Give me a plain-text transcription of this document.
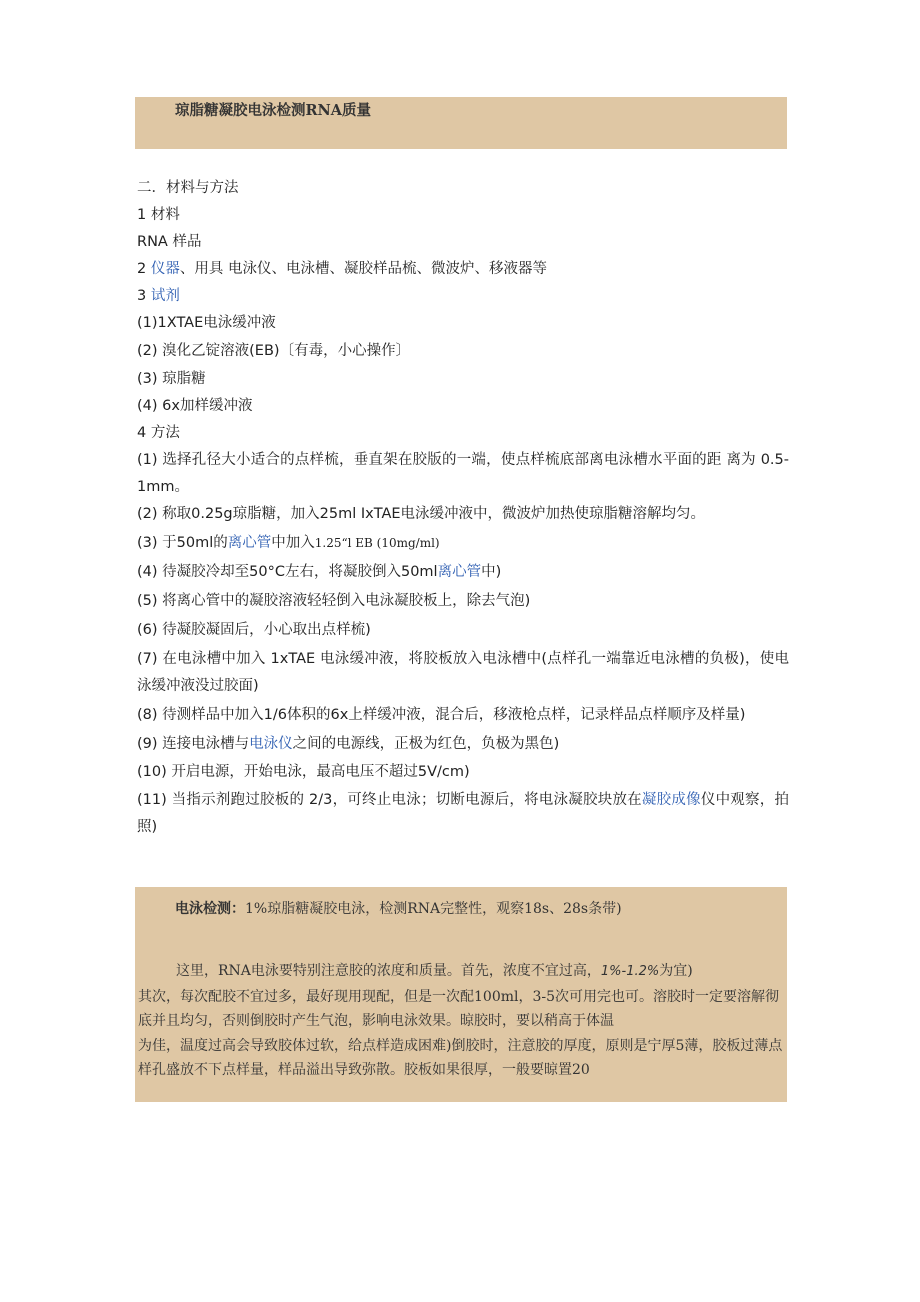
琼脂糖凝胶电泳检测RNA质量
二．材料与方法
1 材料
RNA 样品
2 仪器、用具 电泳仪、电泳槽、凝胶样品梳、微波炉、移液器等
3 试剂
(1)1XTAE电泳缓冲液
(2) 溴化乙锭溶液(EB)〔有毒，小心操作〕
(3) 琼脂糖
(4) 6x加样缓冲液
4 方法
(1) 选择孔径大小适合的点样梳，垂直架在胶版的一端，使点样梳底部离电泳槽水平面的距 离为 0.5-1mm。
(2) 称取0.25g琼脂糖，加入25ml IxTAE电泳缓冲液中，微波炉加热使琼脂糖溶解均匀。
(3) 于50ml的离心管中加入1.25“l EB (10mg/ml)
(4) 待凝胶冷却至50°C左右，将凝胶倒入50ml离心管中)
(5) 将离心管中的凝胶溶液轻轻倒入电泳凝胶板上，除去气泡)
(6) 待凝胶凝固后，小心取出点样梳)
(7) 在电泳槽中加入 1xTAE 电泳缓冲液，将胶板放入电泳槽中(点样孔一端靠近电泳槽的负极)，使电泳缓冲液没过胶面)
(8) 待测样品中加入1/6体积的6x上样缓冲液，混合后，移液枪点样，记录样品点样顺序及样量)
(9) 连接电泳槽与电泳仪之间的电源线，正极为红色，负极为黑色)
(10) 开启电源，开始电泳，最高电压不超过5V/cm)
(11) 当指示剂跑过胶板的 2/3，可终止电泳；切断电源后，将电泳凝胶块放在凝胶成像仪中观察，拍照)
电泳检测：1%琼脂糖凝胶电泳，检测RNA完整性，观察18s、28s条带)
这里，RNA电泳要特别注意胶的浓度和质量。首先，浓度不宜过高，1%-1.2%为宜)
其次，每次配胶不宜过多，最好现用现配，但是一次配100ml，3-5次可用完也可。溶胶时一定要溶解彻底并且均匀，否则倒胶时产生气泡，影响电泳效果。晾胶时，要以稍高于体温
为佳，温度过高会导致胶体过软，给点样造成困难)倒胶时，注意胶的厚度，原则是宁厚5薄，胶板过薄点样孔盛放不下点样量，样品溢出导致弥散。胶板如果很厚，一般要晾置20
